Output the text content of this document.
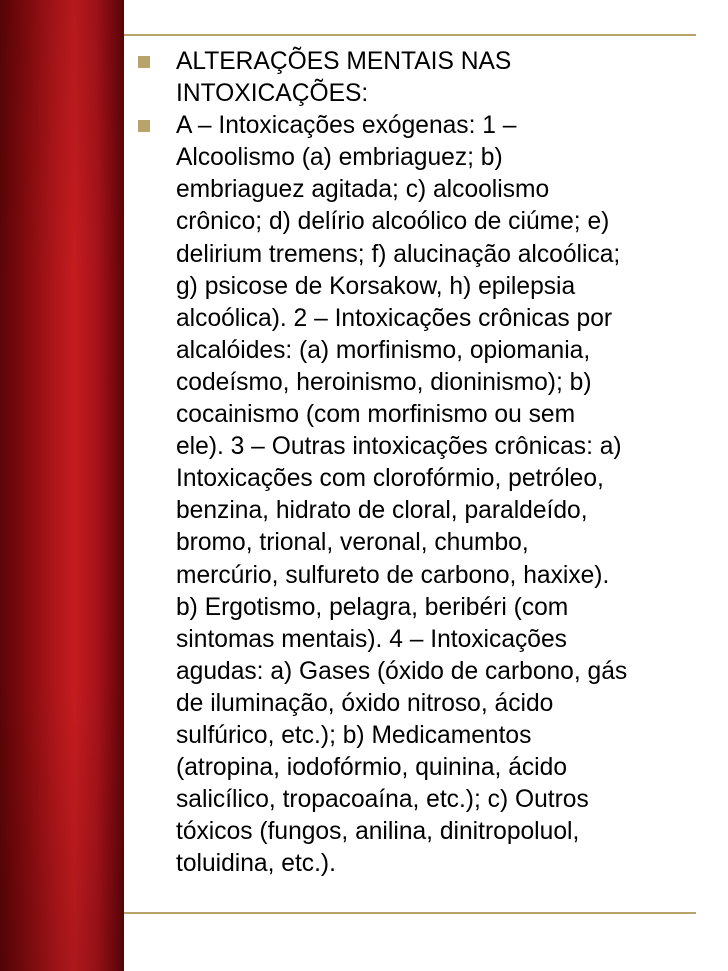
ALTERAÇÕES MENTAIS NAS
INTOXICAÇÕES:
A – Intoxicações exógenas: 1 –
Alcoolismo (a) embriaguez; b)
embriaguez agitada; c) alcoolismo
crônico; d) delírio alcoólico de ciúme; e)
delirium tremens; f) alucinação alcoólica;
g) psicose de Korsakow, h) epilepsia
alcoólica). 2 – Intoxicações crônicas por
alcalóides: (a) morfinismo, opiomania,
codeísmo, heroinismo, dioninismo); b)
cocainismo (com morfinismo ou sem
ele). 3 – Outras intoxicações crônicas: a)
Intoxicações com clorofórmio, petróleo,
benzina, hidrato de cloral, paraldeído,
bromo, trional, veronal, chumbo,
mercúrio, sulfureto de carbono, haxixe).
b) Ergotismo, pelagra, beribéri (com
sintomas mentais). 4 – Intoxicações
agudas: a) Gases (óxido de carbono, gás
de iluminação, óxido nitroso, ácido
sulfúrico, etc.); b) Medicamentos
(atropina, iodofórmio, quinina, ácido
salicílico, tropacoaína, etc.); c) Outros
tóxicos (fungos, anilina, dinitropoluol,
toluidina, etc.).
